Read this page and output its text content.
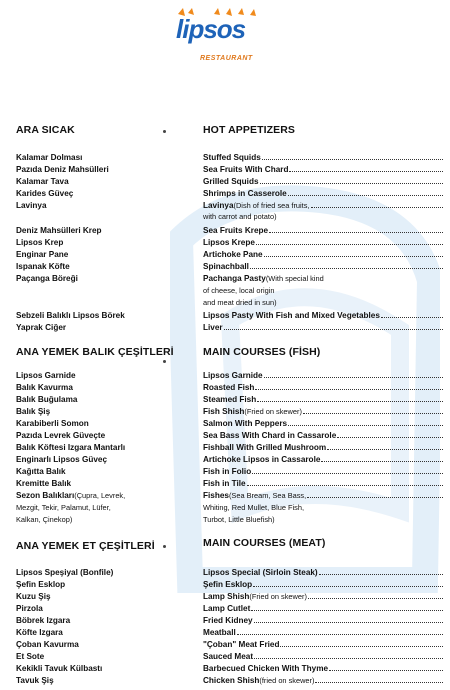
lipsos
RESTAURANT
ARA SICAK
Kalamar Dolması
Pazıda Deniz Mahsülleri
Kalamar Tava
Karides Güveç
Lavinya
Deniz Mahsülleri Krep
Lipsos Krep
Enginar Pane
Ispanak Köfte
Paçanga Böreği
Sebzeli Balıklı Lipsos Börek
Yaprak Ciğer
ANA YEMEK BALIK ÇEŞİTLERİ
Lipsos Garnide
Balık Kavurma
Balık Buğulama
Balık Şiş
Karabiberli Somon
Pazıda Levrek Güveçte
Balık Köftesi Izgara Mantarlı
Enginarlı Lipsos Güveç
Kağıtta Balık
Kremitte Balık
Sezon Balıkları(Çupra, Levrek,
Mezgit, Tekir, Palamut, Lüfer,
Kalkan, Çinekop)
ANA YEMEK ET ÇEŞİTLERİ
Lipsos Speşiyal (Bonfile)
Şefin Esklop
Kuzu Şiş
Pirzola
Böbrek Izgara
Köfte Izgara
Çoban Kavurma
Et Sote
Kekikli Tavuk Külbastı
Tavuk Şiş
HOT APPETIZERS
Stuffed Squids
Sea Fruits With Chard
Grilled Squids
Shrimps in Casserole
Lavinya (Dish of fried sea fruits,
with carrot and potato)
Sea Fruits Krepe
Lipsos Krepe
Artichoke Pane
Spinachball
Pachanga Pasty (With special kind
of cheese, local origin
and meat dried in sun)
Lipsos Pasty With Fish and Mixed Vegetables
Liver
MAIN COURSES (FİSH)
Lipsos Garnide
Roasted Fish
Steamed Fish
Fish Shish (Fried on skewer)
Salmon With Peppers
Sea Bass With Chard in Cassarole
Fishball With Grilled Mushroom
Artichoke Lipsos in Cassarole
Fish in Folio
Fish in Tile
Fishes (Sea Bream, Sea Bass,
Whiting, Red Mullet, Blue Fish,
Turbot, Little Bluefish)
MAIN COURSES (MEAT)
Lipsos Special (Sirloin Steak)
Şefin Esklop
Lamp Shish (Fried on skewer)
Lamp Cutlet
Fried Kidney
Meatball
"Çoban" Meat Fried
Sauced Meat
Barbecued Chicken With Thyme
Chicken Shish (fried on skewer)
